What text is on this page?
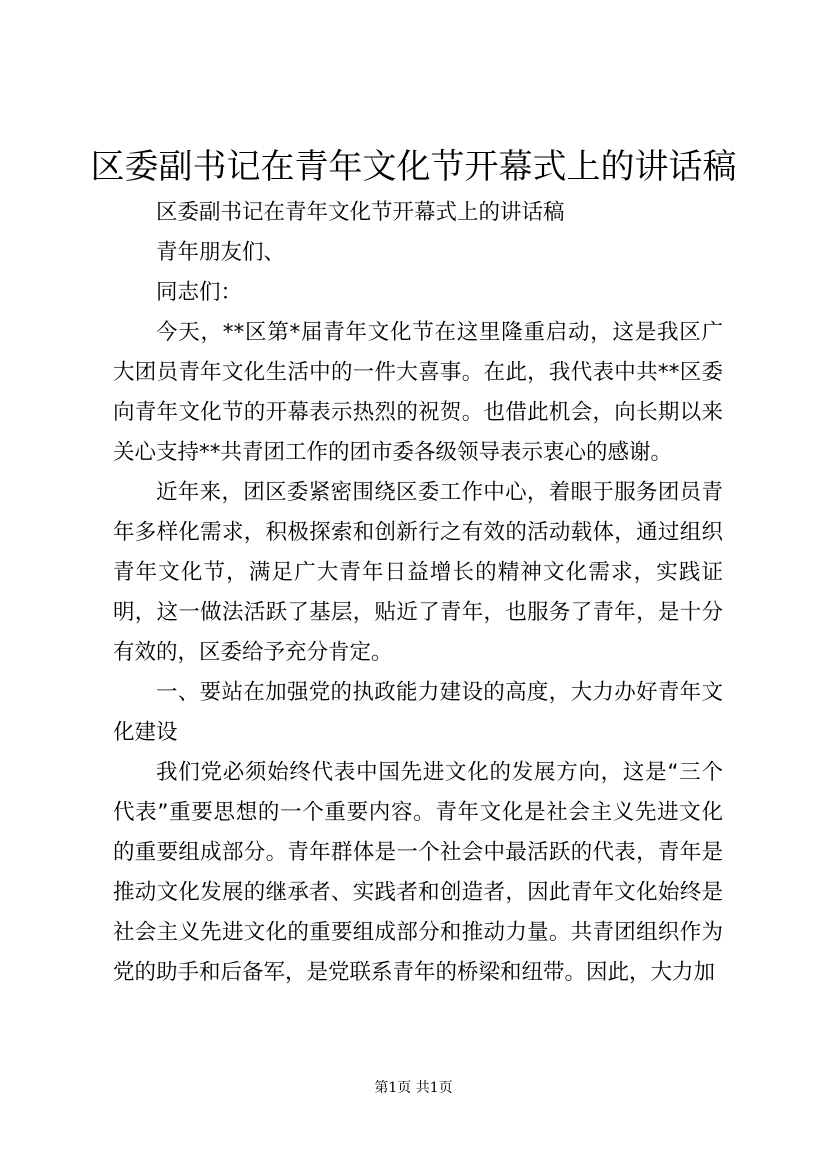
区委副书记在青年文化节开幕式上的讲话稿

区委副书记在青年文化节开幕式上的讲话稿

青年朋友们、

同志们：

今天，**区第*届青年文化节在这里隆重启动，这是我区广大团员青年文化生活中的一件大喜事。在此，我代表中共**区委向青年文化节的开幕表示热烈的祝贺。也借此机会，向长期以来关心支持**共青团工作的团市委各级领导表示衷心的感谢。

近年来，团区委紧密围绕区委工作中心，着眼于服务团员青年多样化需求，积极探索和创新行之有效的活动载体，通过组织青年文化节，满足广大青年日益增长的精神文化需求，实践证明，这一做法活跃了基层，贴近了青年，也服务了青年，是十分有效的，区委给予充分肯定。

一、要站在加强党的执政能力建设的高度，大力办好青年文化建设

我们党必须始终代表中国先进文化的发展方向，这是“三个代表”重要思想的一个重要内容。青年文化是社会主义先进文化的重要组成部分。青年群体是一个社会中最活跃的代表，青年是推动文化发展的继承者、实践者和创造者，因此青年文化始终是社会主义先进文化的重要组成部分和推动力量。共青团组织作为党的助手和后备军，是党联系青年的桥梁和纽带。因此，大力加

第1页 共1页
